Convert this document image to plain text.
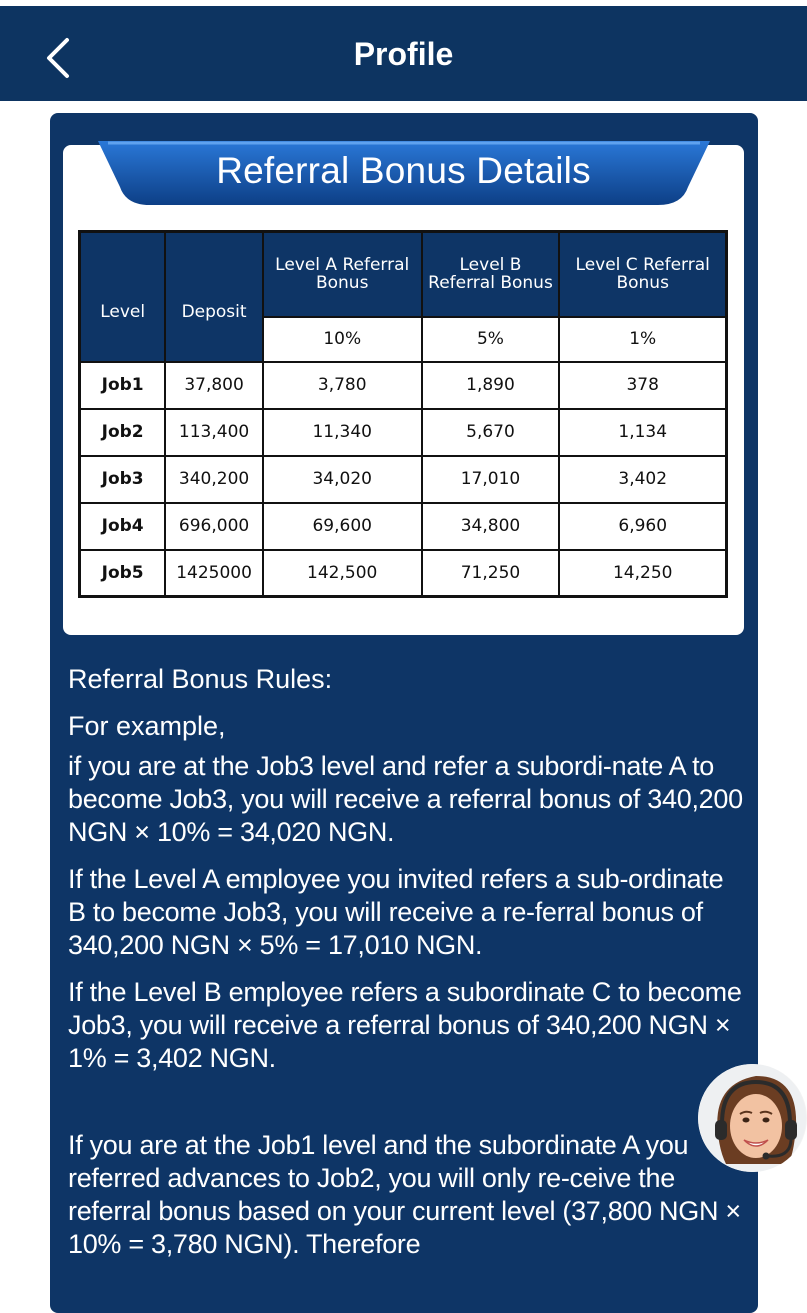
Profile
Referral Bonus Details
Level	Deposit	Level A Referral Bonus	Level B Referral Bonus	Level C Referral Bonus

		10%	5%	1%
Job1	37,800	3,780	1,890	378
Job2	113,400	11,340	5,670	1,134
Job3	340,200	34,020	17,010	3,402
Job4	696,000	69,600	34,800	6,960
Job5	1425000	142,500	71,250	14,250
Referral Bonus Rules:
For example,
if you are at the Job3 level and refer a subordi-nate A to become Job3, you will receive a referral bonus of 340,200 NGN × 10% = 34,020 NGN.
If the Level A employee you invited refers a sub-ordinate B to become Job3, you will receive a re-ferral bonus of 340,200 NGN × 5% = 17,010 NGN.
If the Level B employee refers a subordinate C to become Job3, you will receive a referral bonus of 340,200 NGN × 1% = 3,402 NGN.
If you are at the Job1 level and the subordinate A you referred advances to Job2, you will only re-ceive the referral bonus based on your current level (37,800 NGN × 10% = 3,780 NGN). Therefore
